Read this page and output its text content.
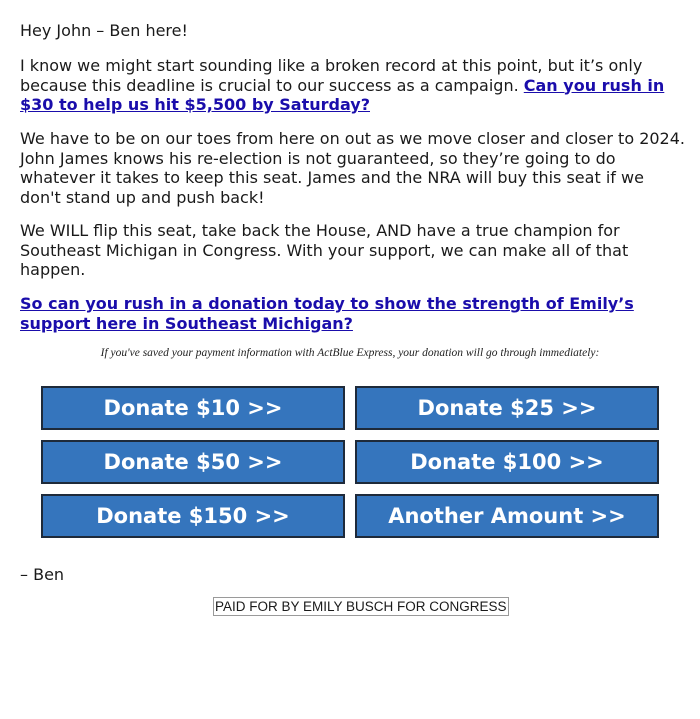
Hey John – Ben here!

I know we might start sounding like a broken record at this point, but it’s only because this deadline is crucial to our success as a campaign. Can you rush in $30 to help us hit $5,500 by Saturday?

We have to be on our toes from here on out as we move closer and closer to 2024. John James knows his re-election is not guaranteed, so they’re going to do whatever it takes to keep this seat. James and the NRA will buy this seat if we don't stand up and push back!

We WILL flip this seat, take back the House, AND have a true champion for Southeast Michigan in Congress. With your support, we can make all of that happen.

So can you rush in a donation today to show the strength of Emily’s support here in Southeast Michigan?

If you've saved your payment information with ActBlue Express, your donation will go through immediately:
Donate $10 >>	Donate $25 >>
Donate $50 >>	Donate $100 >>
Donate $150 >>	Another Amount >>

– Ben

PAID FOR BY EMILY BUSCH FOR CONGRESS
